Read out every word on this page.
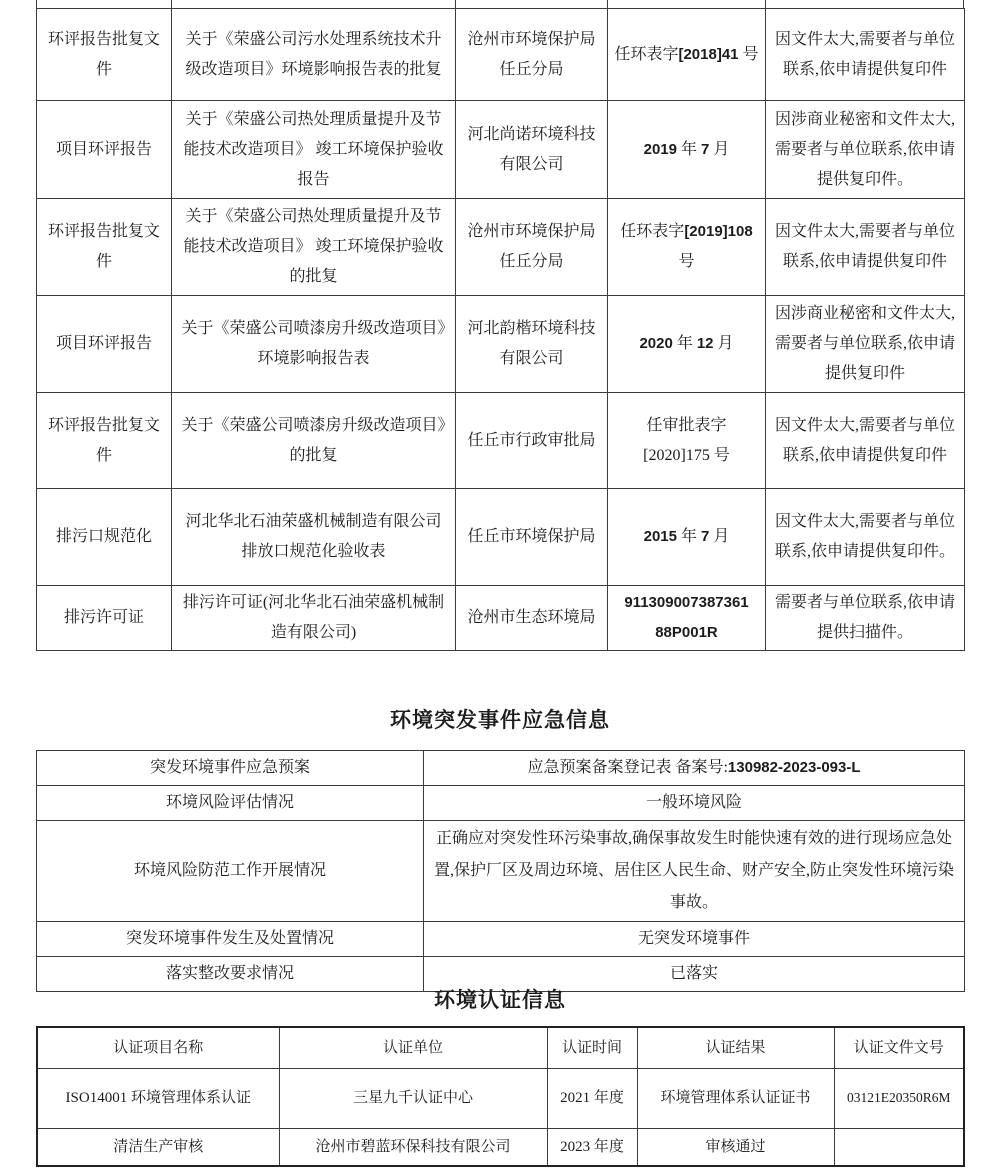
环评报告批复文件	关于《荣盛公司污水处理系统技术升级改造项目》环境影响报告表的批复	沧州市环境保护局任丘分局	任环表字[2018]41 号	因文件太大,需要者与单位联系,依申请提供复印件
项目环评报告	关于《荣盛公司热处理质量提升及节能技术改造项目》 竣工环境保护验收报告	河北尚诺环境科技有限公司	2019 年 7 月	因涉商业秘密和文件太大,需要者与单位联系,依申请提供复印件。
环评报告批复文件	关于《荣盛公司热处理质量提升及节能技术改造项目》 竣工环境保护验收的批复	沧州市环境保护局任丘分局	任环表字[2019]108 号	因文件太大,需要者与单位联系,依申请提供复印件
项目环评报告	关于《荣盛公司喷漆房升级改造项目》环境影响报告表	河北韵楷环境科技有限公司	2020 年 12 月	因涉商业秘密和文件太大,需要者与单位联系,依申请提供复印件
环评报告批复文件	关于《荣盛公司喷漆房升级改造项目》的批复	任丘市行政审批局	任审批表字 [2020]175 号	因文件太大,需要者与单位联系,依申请提供复印件
排污口规范化	河北华北石油荣盛机械制造有限公司排放口规范化验收表	任丘市环境保护局	2015 年 7 月	因文件太大,需要者与单位联系,依申请提供复印件。
排污许可证	排污许可证(河北华北石油荣盛机械制造有限公司)	沧州市生态环境局	911309007387361 88P001R	需要者与单位联系,依申请提供扫描件。
环境突发事件应急信息
突发环境事件应急预案	应急预案备案登记表 备案号:130982-2023-093-L
环境风险评估情况	一般环境风险
环境风险防范工作开展情况	正确应对突发性环污染事故,确保事故发生时能快速有效的进行现场应急处置,保护厂区及周边环境、居住区人民生命、财产安全,防止突发性环境污染事故。
突发环境事件发生及处置情况	无突发环境事件
落实整改要求情况	已落实
环境认证信息
认证项目名称	认证单位	认证时间	认证结果	认证文件文号
ISO14001 环境管理体系认证	三星九千认证中心	2021 年度	环境管理体系认证证书	03121E20350R6M
清洁生产审核	沧州市碧蓝环保科技有限公司	2023 年度	审核通过	
